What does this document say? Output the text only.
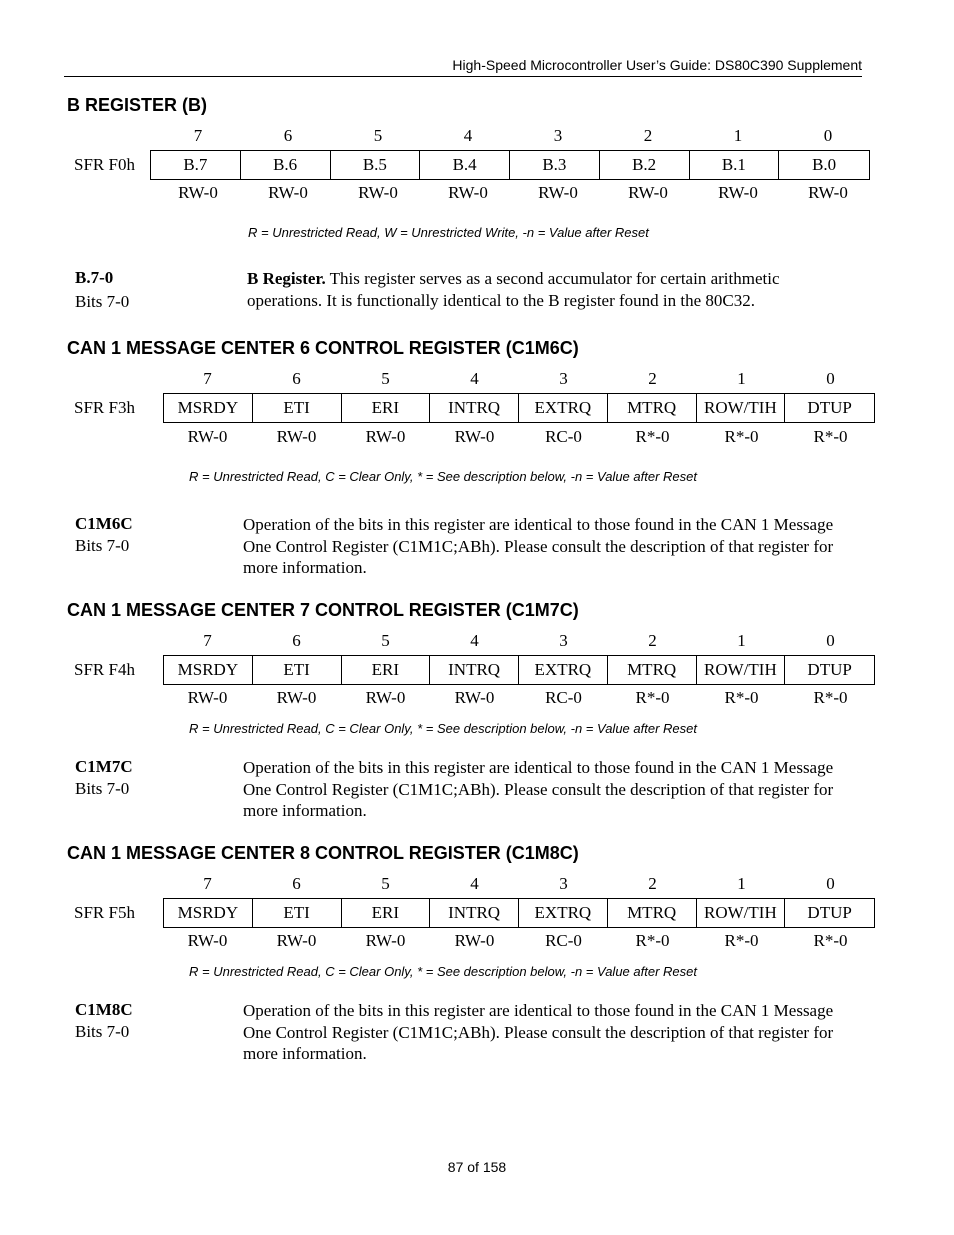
High-Speed Microcontroller User’s Guide: DS80C390 Supplement
B REGISTER (B)
7	6	5	4	3	2	1	0
SFR F0h	B.7	B.6	B.5	B.4	B.3	B.2	B.1	B.0
RW-0	RW-0	RW-0	RW-0	RW-0	RW-0	RW-0	RW-0
R = Unrestricted Read, W = Unrestricted Write, -n = Value after Reset
B.7-0
Bits 7-0
B Register. This register serves as a second accumulator for certain arithmetic operations. It is functionally identical to the B register found in the 80C32.
CAN 1 MESSAGE CENTER 6 CONTROL REGISTER (C1M6C)
7	6	5	4	3	2	1	0
SFR F3h	MSRDY	ETI	ERI	INTRQ	EXTRQ	MTRQ	ROW/TIH	DTUP
RW-0	RW-0	RW-0	RW-0	RC-0	R*-0	R*-0	R*-0
R = Unrestricted Read, C = Clear Only, * = See description below, -n = Value after Reset
C1M6C
Bits 7-0
Operation of the bits in this register are identical to those found in the CAN 1 Message One Control Register (C1M1C;ABh). Please consult the description of that register for more information.
CAN 1 MESSAGE CENTER 7 CONTROL REGISTER (C1M7C)
7	6	5	4	3	2	1	0
SFR F4h	MSRDY	ETI	ERI	INTRQ	EXTRQ	MTRQ	ROW/TIH	DTUP
RW-0	RW-0	RW-0	RW-0	RC-0	R*-0	R*-0	R*-0
R = Unrestricted Read, C = Clear Only, * = See description below, -n = Value after Reset
C1M7C
Bits 7-0
Operation of the bits in this register are identical to those found in the CAN 1 Message One Control Register (C1M1C;ABh). Please consult the description of that register for more information.
CAN 1 MESSAGE CENTER 8 CONTROL REGISTER (C1M8C)
7	6	5	4	3	2	1	0
SFR F5h	MSRDY	ETI	ERI	INTRQ	EXTRQ	MTRQ	ROW/TIH	DTUP
RW-0	RW-0	RW-0	RW-0	RC-0	R*-0	R*-0	R*-0
R = Unrestricted Read, C = Clear Only, * = See description below, -n = Value after Reset
C1M8C
Bits 7-0
Operation of the bits in this register are identical to those found in the CAN 1 Message One Control Register (C1M1C;ABh). Please consult the description of that register for more information.
87 of 158
